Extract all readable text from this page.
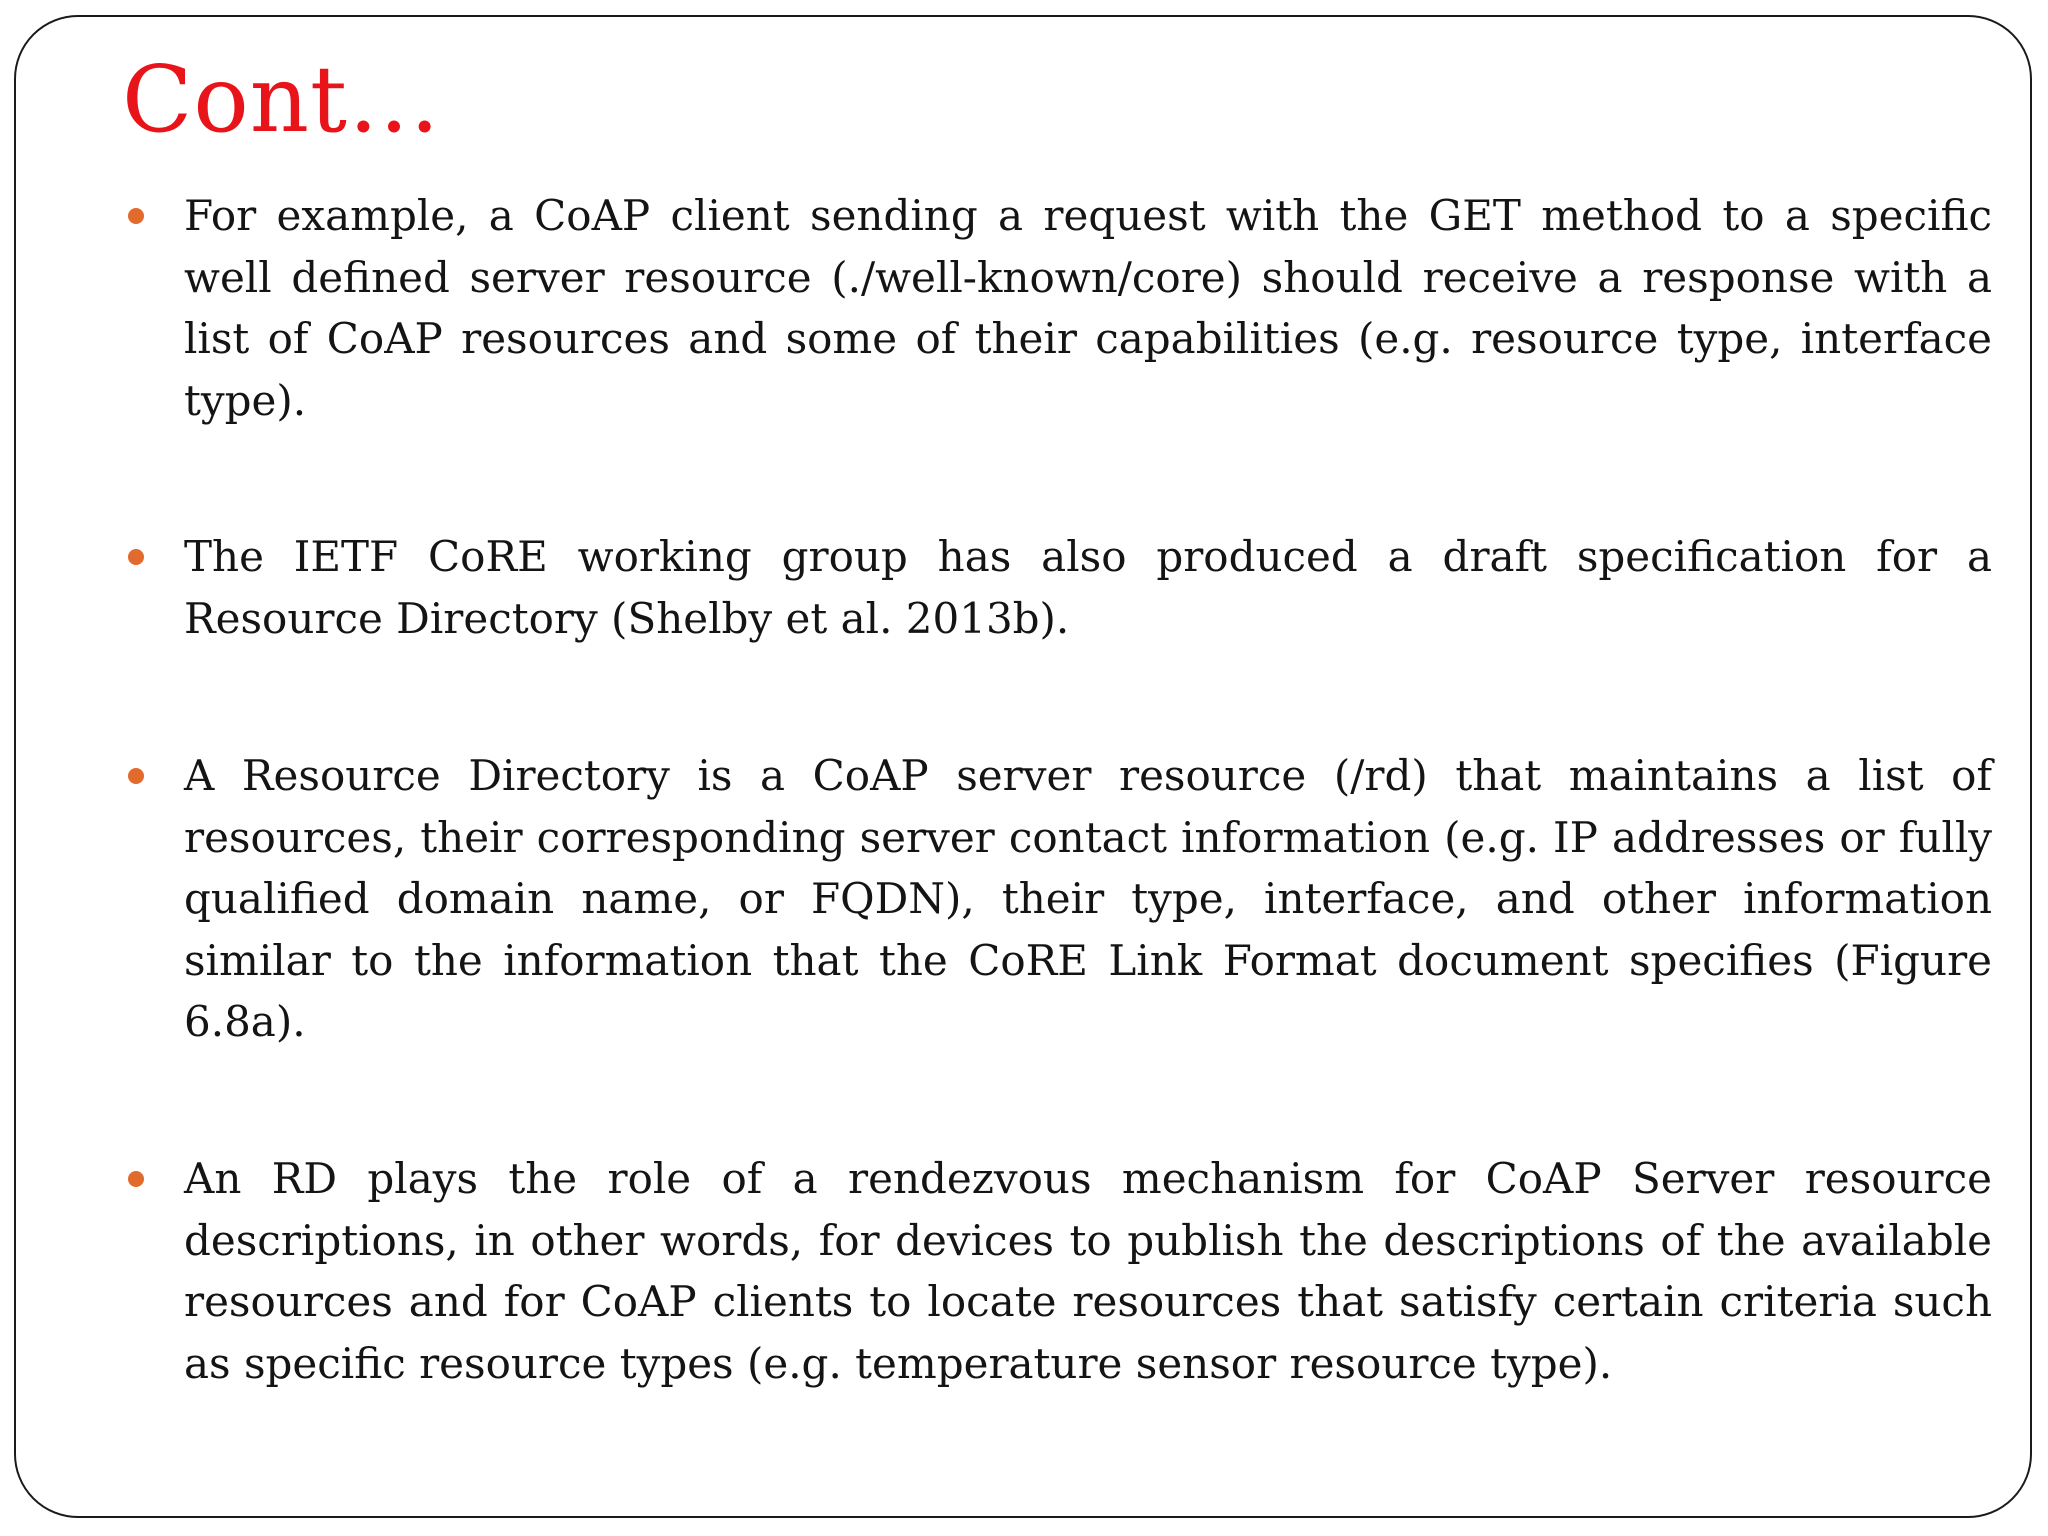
Cont…
For example, a CoAP client sending a request with the GET method to a specific well defined server resource (./well-known/core) should receive a response with a list of CoAP resources and some of their capabilities (e.g. resource type, interface type).
The IETF CoRE working group has also produced a draft specification for a Resource Directory (Shelby et al. 2013b).
A Resource Directory is a CoAP server resource (/rd) that maintains a list of resources, their corresponding server contact information (e.g. IP addresses or fully qualified domain name, or FQDN), their type, interface, and other information similar to the information that the CoRE Link Format document specifies (Figure 6.8a).
An RD plays the role of a rendezvous mechanism for CoAP Server resource descriptions, in other words, for devices to publish the descriptions of the available resources and for CoAP clients to locate resources that satisfy certain criteria such as specific resource types (e.g. temperature sensor resource type).
